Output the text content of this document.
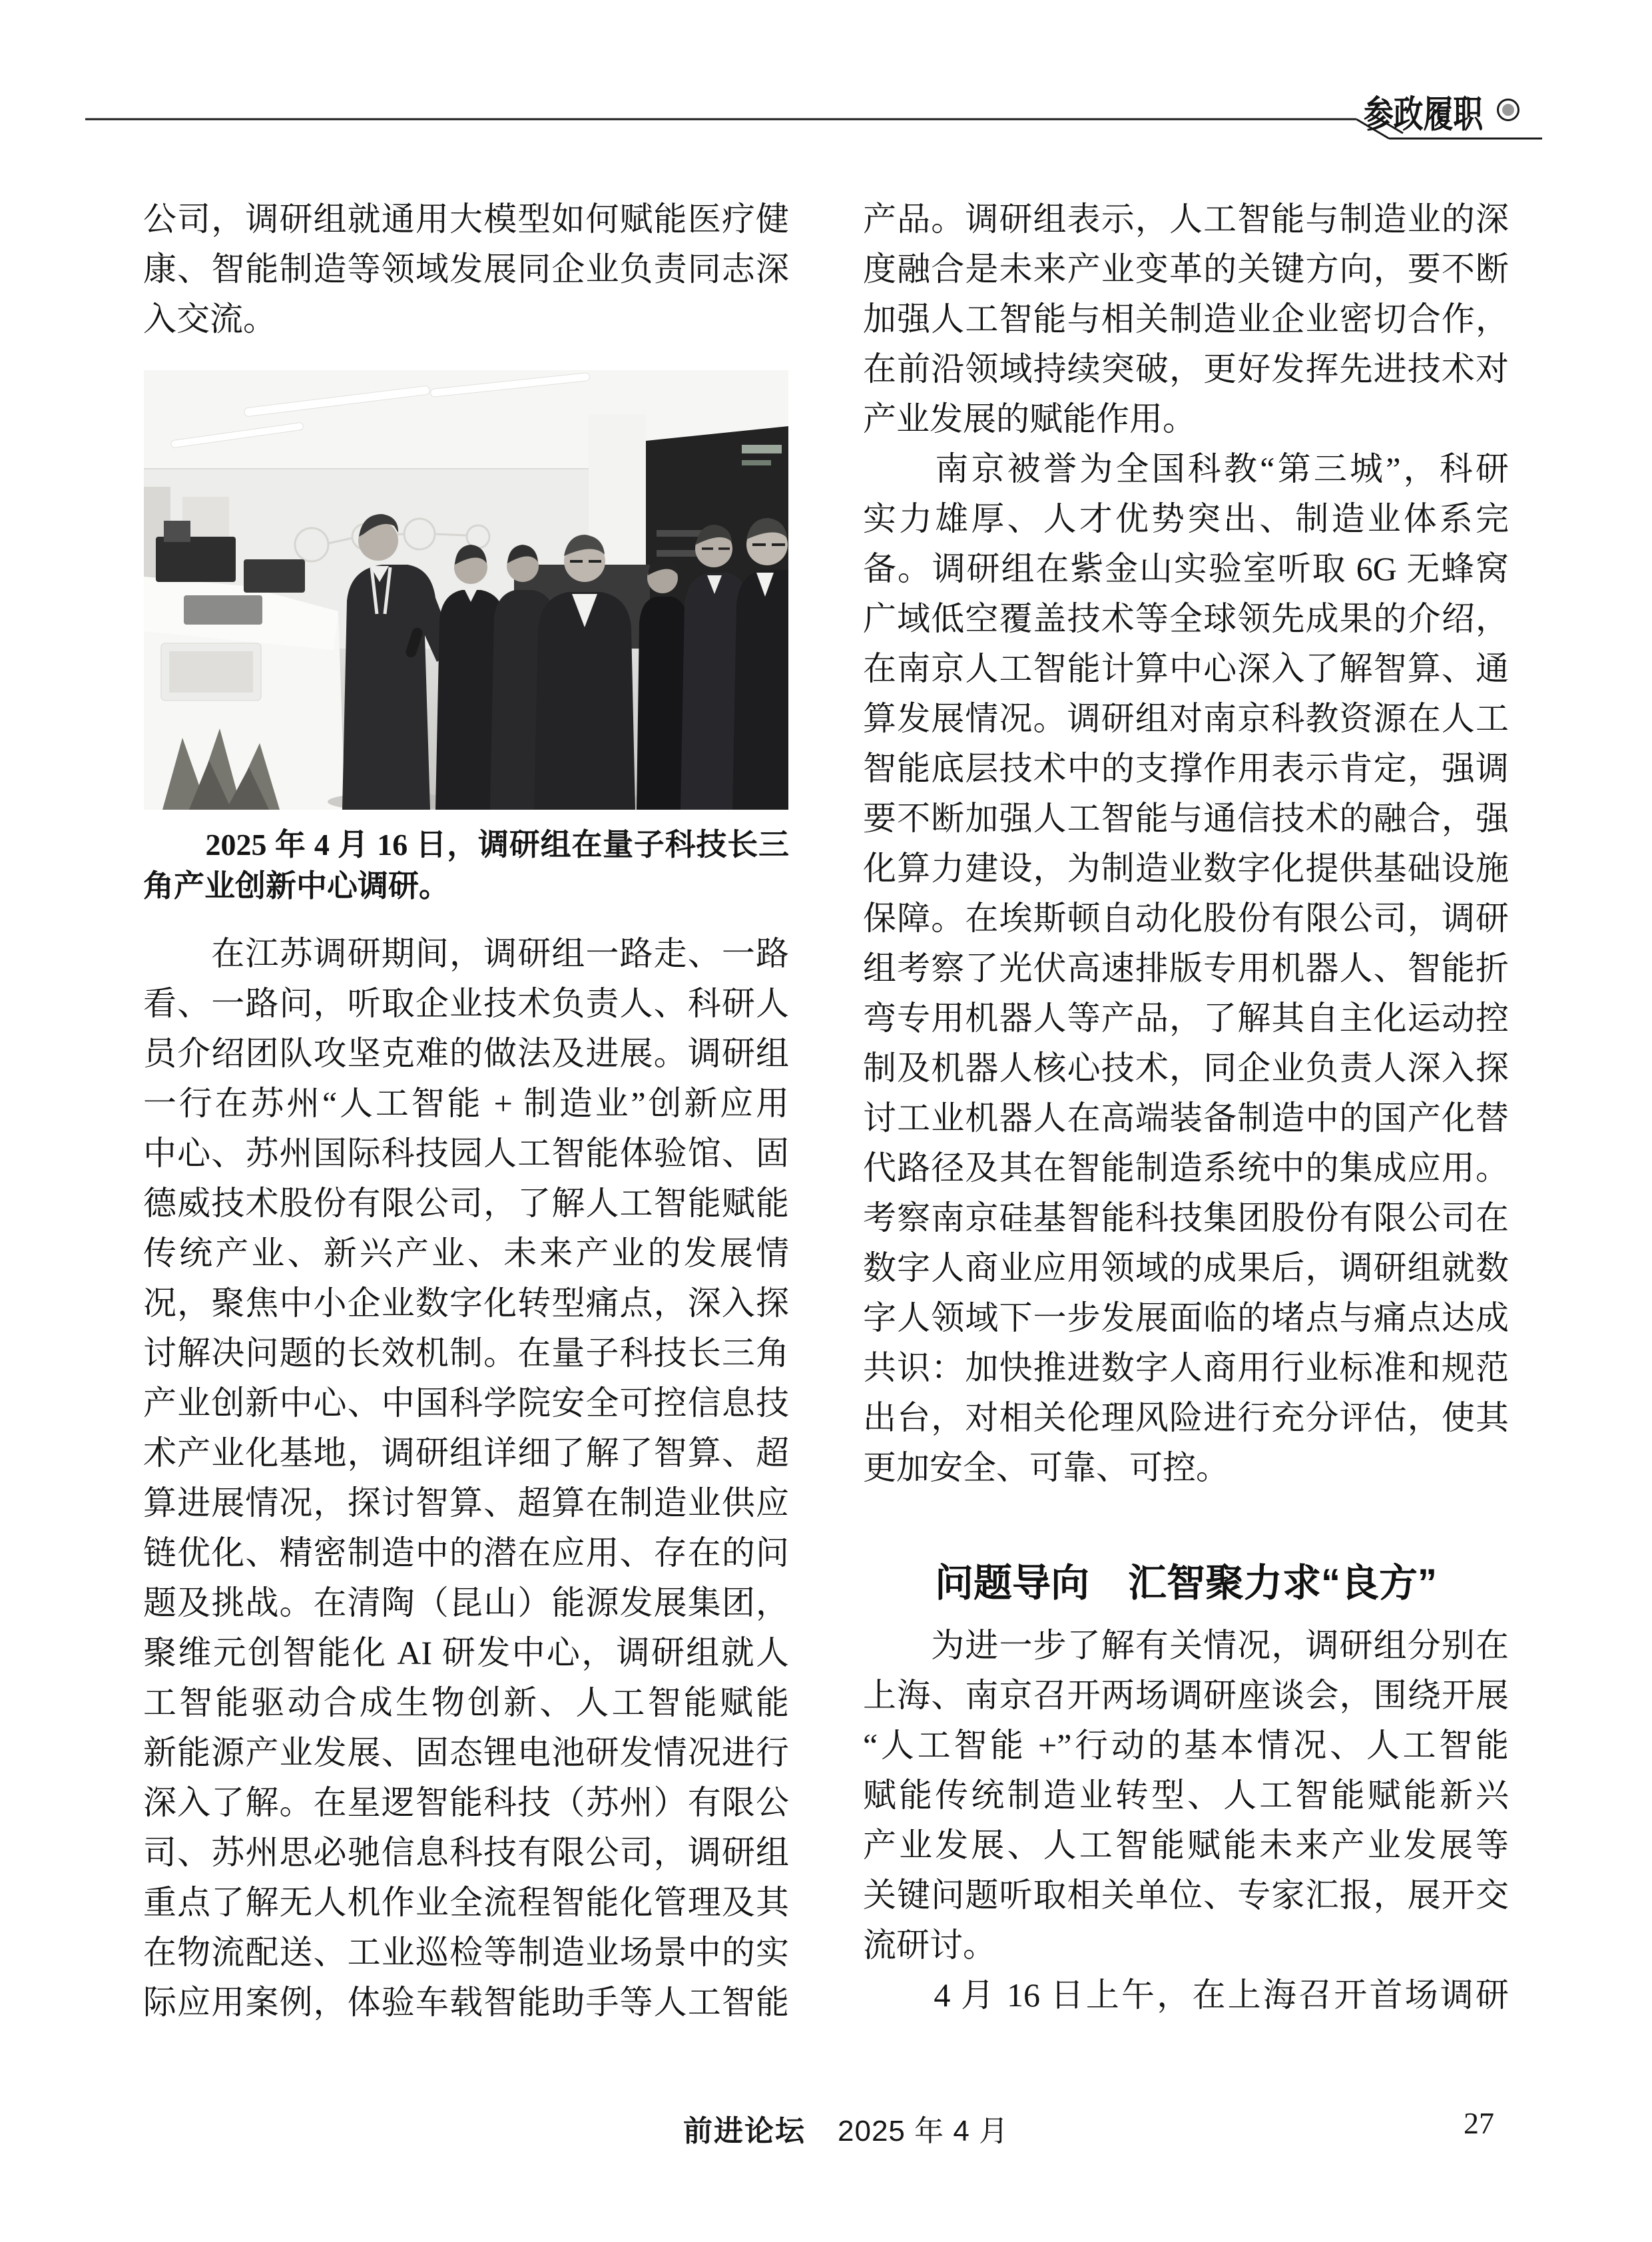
参政履职
公司，调研组就通用大模型如何赋能医疗健
康、智能制造等领域发展同企业负责同志深
入交流。
　　2025 年 4 月 16 日，调研组在量子科技长三
角产业创新中心调研。
　　在江苏调研期间，调研组一路走、一路
看、一路问，听取企业技术负责人、科研人
员介绍团队攻坚克难的做法及进展。调研组
一行在苏州“人工智能 + 制造业”创新应用
中心、苏州国际科技园人工智能体验馆、固
德威技术股份有限公司，了解人工智能赋能
传统产业、新兴产业、未来产业的发展情
况，聚焦中小企业数字化转型痛点，深入探
讨解决问题的长效机制。在量子科技长三角
产业创新中心、中国科学院安全可控信息技
术产业化基地，调研组详细了解了智算、超
算进展情况，探讨智算、超算在制造业供应
链优化、精密制造中的潜在应用、存在的问
题及挑战。在清陶（昆山）能源发展集团，
聚维元创智能化 AI 研发中心，调研组就人
工智能驱动合成生物创新、人工智能赋能
新能源产业发展、固态锂电池研发情况进行
深入了解。在星逻智能科技（苏州）有限公
司、苏州思必驰信息科技有限公司，调研组
重点了解无人机作业全流程智能化管理及其
在物流配送、工业巡检等制造业场景中的实
际应用案例，体验车载智能助手等人工智能
产品。调研组表示，人工智能与制造业的深
度融合是未来产业变革的关键方向，要不断
加强人工智能与相关制造业企业密切合作，
在前沿领域持续突破，更好发挥先进技术对
产业发展的赋能作用。
　　南京被誉为全国科教“第三城”，科研
实力雄厚、人才优势突出、制造业体系完
备。调研组在紫金山实验室听取 6G 无蜂窝
广域低空覆盖技术等全球领先成果的介绍，
在南京人工智能计算中心深入了解智算、通
算发展情况。调研组对南京科教资源在人工
智能底层技术中的支撑作用表示肯定，强调
要不断加强人工智能与通信技术的融合，强
化算力建设，为制造业数字化提供基础设施
保障。在埃斯顿自动化股份有限公司，调研
组考察了光伏高速排版专用机器人、智能折
弯专用机器人等产品，了解其自主化运动控
制及机器人核心技术，同企业负责人深入探
讨工业机器人在高端装备制造中的国产化替
代路径及其在智能制造系统中的集成应用。
考察南京硅基智能科技集团股份有限公司在
数字人商业应用领域的成果后，调研组就数
字人领域下一步发展面临的堵点与痛点达成
共识：加快推进数字人商用行业标准和规范
出台，对相关伦理风险进行充分评估，使其
更加安全、可靠、可控。
问题导向　汇智聚力求“良方”
　　为进一步了解有关情况，调研组分别在
上海、南京召开两场调研座谈会，围绕开展
“人工智能 +”行动的基本情况、人工智能
赋能传统制造业转型、人工智能赋能新兴
产业发展、人工智能赋能未来产业发展等
关键问题听取相关单位、专家汇报，展开交
流研讨。
　　4 月 16 日上午，在上海召开首场调研
前进论坛 2025 年 4 月	27
